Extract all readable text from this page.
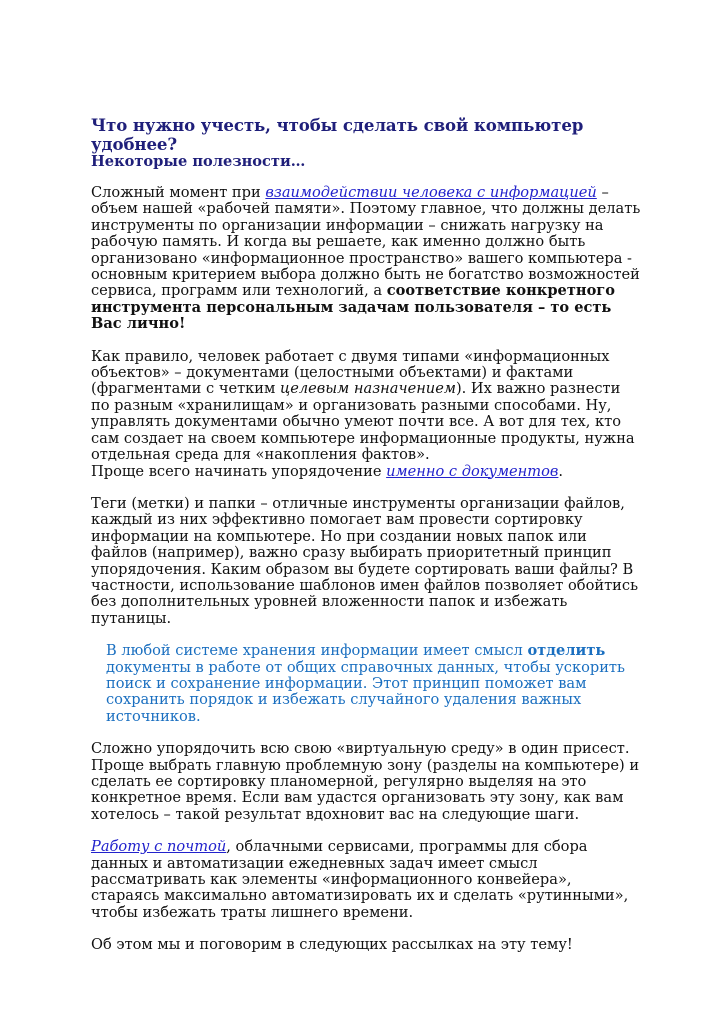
Что нужно учесть, чтобы сделать свой компьютер удобнее?
Некоторые полезности…

Сложный момент при взаимодействии человека с информацией – объем нашей «рабочей памяти». Поэтому главное, что должны делать инструменты по организации информации – снижать нагрузку на рабочую память. И когда вы решаете, как именно должно быть организовано «информационное пространство» вашего компьютера - основным критерием выбора должно быть не богатство возможностей сервиса, программ или технологий, а соответствие конкретного инструмента персональным задачам пользователя – то есть Вас лично!

Как правило, человек работает с двумя типами «информационных объектов» – документами (целостными объектами) и фактами (фрагментами с четким целевым назначением). Их важно разнести по разным «хранилищам» и организовать разными способами. Ну, управлять документами обычно умеют почти все. А вот для тех, кто сам создает на своем компьютере информационные продукты, нужна отдельная среда для «накопления фактов».

Проще всего начинать упорядочение именно с документов.

Теги (метки) и папки – отличные инструменты организации файлов, каждый из них эффективно помогает вам провести сортировку информации на компьютере. Но при создании новых папок или файлов (например), важно сразу выбирать приоритетный принцип упорядочения. Каким образом вы будете сортировать ваши файлы? В частности, использование шаблонов имен файлов позволяет обойтись без дополнительных уровней вложенности папок и избежать путаницы.

В любой системе хранения информации имеет смысл отделить документы в работе от общих справочных данных, чтобы ускорить поиск и сохранение информации. Этот принцип поможет вам сохранить порядок и избежать случайного удаления важных источников.

Сложно упорядочить всю свою «виртуальную среду» в один присест. Проще выбрать главную проблемную зону (разделы на компьютере) и сделать ее сортировку планомерной, регулярно выделяя на это конкретное время. Если вам удастся организовать эту зону, как вам хотелось – такой результат вдохновит вас на следующие шаги.

Работу с почтой, облачными сервисами, программы для сбора данных и автоматизации ежедневных задач имеет смысл рассматривать как элементы «информационного конвейера», стараясь максимально автоматизировать их и сделать «рутинными», чтобы избежать траты лишнего времени.

Об этом мы и поговорим в следующих рассылках на эту тему!
